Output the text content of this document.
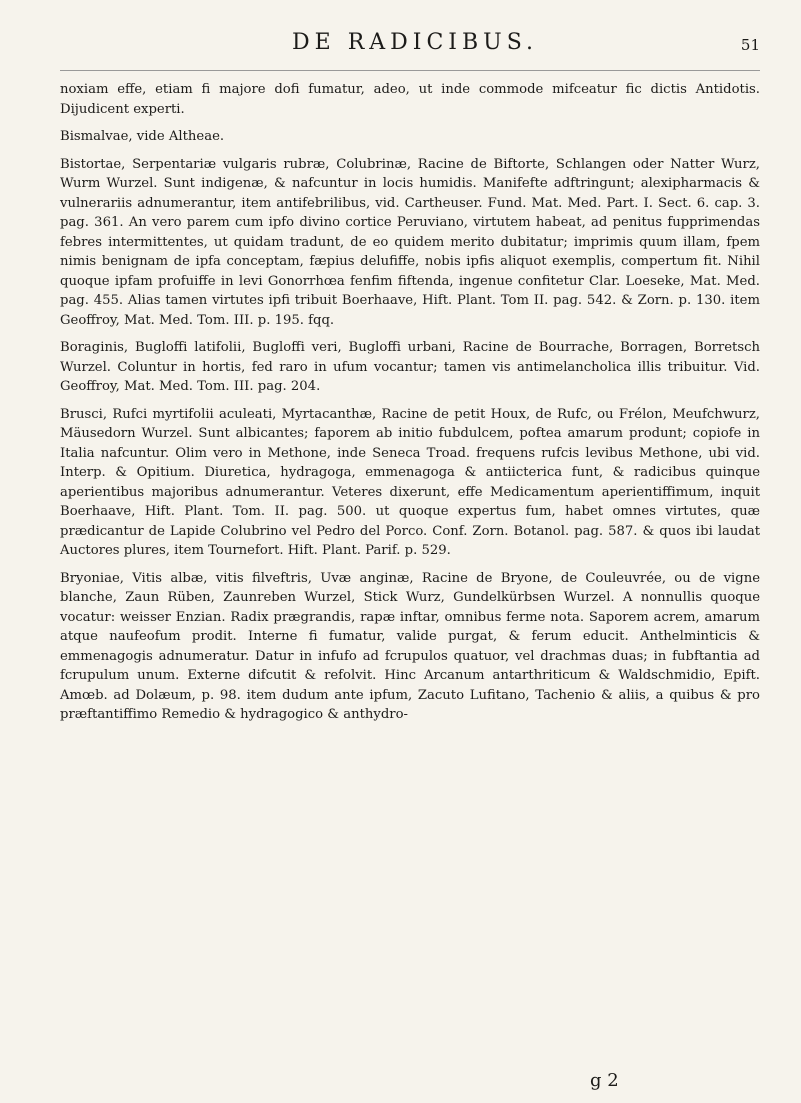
DE RADICIBUS.	51

noxiam effe, etiam fi majore dofi fumatur, adeo, ut inde commode mifceatur fic dictis Antidotis. Dijudicent experti.

Bismalvae, vide Altheae.

Bistortae, Serpentariæ vulgaris rubræ, Colubrinæ, Racine de Biftorte, Schlangen oder Natter Wurz, Wurm Wurzel. Sunt indigenæ, & nafcuntur in locis humidis. Manifefte adftringunt; alexipharmacis & vulnerariis adnumerantur, item antifebrilibus, vid. Cartheuser. Fund. Mat. Med. Part. I. Sect. 6. cap. 3. pag. 361. An vero parem cum ipfo divino cortice Peruviano, virtutem habeat, ad penitus fupprimendas febres intermittentes, ut quidam tradunt, de eo quidem merito dubitatur; imprimis quum illam, fpem nimis benignam de ipfa conceptam, fæpius delufiffe, nobis ipfis aliquot exemplis, compertum fit. Nihil quoque ipfam profuiffe in levi Gonorrhœa fenfim fiftenda, ingenue confitetur Clar. Loeseke, Mat. Med. pag. 455. Alias tamen virtutes ipfi tribuit Boerhaave, Hift. Plant. Tom II. pag. 542. & Zorn. p. 130. item Geoffroy, Mat. Med. Tom. III. p. 195. fqq.

Boraginis, Bugloffi latifolii, Bugloffi veri, Bugloffi urbani, Racine de Bourrache, Borragen, Borretsch Wurzel. Coluntur in hortis, fed raro in ufum vocantur; tamen vis antimelancholica illis tribuitur. Vid. Geoffroy, Mat. Med. Tom. III. pag. 204.

Brusci, Rufci myrtifolii aculeati, Myrtacanthæ, Racine de petit Houx, de Rufc, ou Frélon, Meufchwurz, Mäusedorn Wurzel. Sunt albicantes; faporem ab initio fubdulcem, poftea amarum produnt; copiofe in Italia nafcuntur. Olim vero in Methone, inde Seneca Troad. frequens rufcis levibus Methone, ubi vid. Interp. & Opitium. Diuretica, hydragoga, emmenagoga & antiicterica funt, & radicibus quinque aperientibus majoribus adnumerantur. Veteres dixerunt, effe Medicamentum aperientiffimum, inquit Boerhaave, Hift. Plant. Tom. II. pag. 500. ut quoque expertus fum, habet omnes virtutes, quæ prædicantur de Lapide Colubrino vel Pedro del Porco. Conf. Zorn. Botanol. pag. 587. & quos ibi laudat Auctores plures, item Tournefort. Hift. Plant. Parif. p. 529.

Bryoniae, Vitis albæ, vitis filveftris, Uvæ anginæ, Racine de Bryone, de Couleuvrée, ou de vigne blanche, Zaun Rüben, Zaunreben Wurzel, Stick Wurz, Gundelkürbsen Wurzel. A nonnullis quoque vocatur: weisser Enzian. Radix prægrandis, rapæ inftar, omnibus ferme nota. Saporem acrem, amarum atque naufeofum prodit. Interne fi fumatur, valide purgat, & ferum educit. Anthelminticis & emmenagogis adnumeratur. Datur in infufo ad fcrupulos quatuor, vel drachmas duas; in fubftantia ad fcrupulum unum. Externe difcutit & refolvit. Hinc Arcanum antarthriticum & Waldschmidio, Epift. Amœb. ad Dolæum, p. 98. item dudum ante ipfum, Zacuto Lufitano, Tachenio & aliis, a quibus & pro præftantiffimo Remedio & hydragogico & anthydro-

g 2
